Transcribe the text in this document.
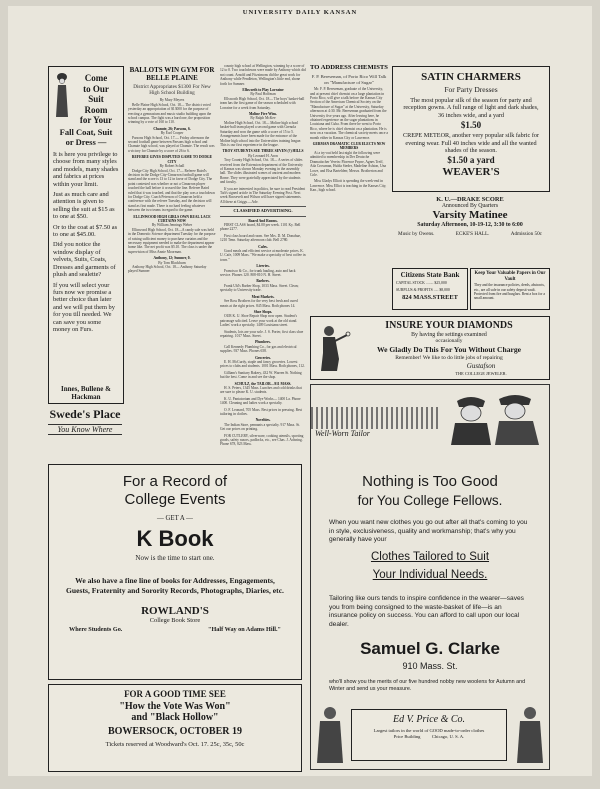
UNIVERSITY DAILY KANSAN
Come
to Our
Suit
Room
for Your
Fall Coat, Suit
or Dress —

It is here you privilege to choose from many styles and models, many shades and fabrics at prices within your limit.

Just as much care and attention is given to selling the suit at $15 as to one at $50.

Or to the coat at $7.50 as to one at $45.00.

Did you notice the window display of velvets, Suits, Coats, Dresses and garments of plush and sealette?

If you will select your furs now we promise a better choice than later and we will put them by for you till needed. We can save you some money on Furs.

Innes, Bullene & Hackman
Swede's Place
You Know Where
BALLOTS WIN GYM FOR BELLE PLAINE
District Appropriates $1300 For New High School Building
By Mary Meyers

Belle Plaine High School, Oct. 18— The district voted yesterday an appropriation of $13000 for the purpose of erecting a gymnasium and music studio building upon the school campus. The fight was a hard one, the proposition winning by a vote of 160 to 110.

Chanute, 26; Parsons, 6.
By Earl Cooper

Parsons High School, Oct. 17.— Friday afternoon the second football game between Parsons high school and Chanute high school, was played at Chanute. The result was a victory for Chanute by a score of 26 to 6.

REFEREE GIVES DISPUTED GAME TO DODGE CITY
By Robert Schall

Dodge City High School, Oct. 17— Referee Baird's decision in the Dodge City-Cimarron football game will stand and the score is 13 to 12 in favor of Dodge City. The point contested was whether or not a Cimarron player touched the ball before it crossed the line. Referee Baird ruled that it was touched, and that the play was a touchdown for Dodge City. Coach Peterson of Cimarron held a conference with the referee Tuesday, and the decision will stand as first made. There is no hard feeling whatever between the two teams in regard to the game.

ELLINWOOD HIGH GIRLS OWN REAL LACE CURTAINS NOW
By William Jennings Weber

Ellinwood High School, Oct. 18—A candy sale was held in the Domestic Science department Tuesday for the purpose of raising sufficient money to purchase curtains and the necessary equipment needed to make the department appear home like. The net profit was $5.10. The class is under the supervision of Miss Annie Moorman.

Anthony, 12; Sumner, 0.
By Tom Blackburn

Anthony High School, Oct. 18— Anthony Saturday played Sumner

county high school at Wellington, winning by a score of 12 to 0. Two touchdowns were made by Anthony which did not count. Arnold and Fitzsimons did the great work for Anthony while Pendleton, Wellington's little end, shone forth for Sumner.

Ellsworth to Play Lorraine
By Paul Hoffman

Ellsworth High School, Oct. 18— The boys' basket-ball team has the first game of the season scheduled with Lorraine for a week from Saturday.

Moline Five Wins.
By Ralph McKee

Moline High School, Oct. 18— Moline high school basket-ball team played a second game with Grenola Saturday and won the game with a score of 15 to 5. Arrangements have been made for the entrance of the Moline high school into the Universities training league. This is our first experience in the league.

TROY STUDENTS SEE THREE SEVEN (?) HILLS
By Leonard H. Aron

Troy County High School, Oct. 18— A series of slides received from the Extension department of the University of Kansas was shown Monday evening in the assembly hall. The slides illustrated scenes of ancient and modern Rome. They were gratefully appreciated by the students and faculty.

If you are interested in politics, be sure to read President Taft's signed article in The Saturday Evening Post. Next week Roosevelt and Wilson will have signed statements. All these at Griggs.—Adv.

CLASSIFIED ADVERTISING.
Board And Rooms.

FIRST CLASS board, $4.00 per week. 1101 Ky. Bell phone 2277.

First class board and room. See Mrs. D. M. Donahue, 1210 Tenn. Saturday afternoon club. Bell 2780.

Cafes.

Good meals and efficient service at moderate prices. K. U. Cafe, 1009 Mass. "We make a specialty of best coffee in town."

Liveries.

Francisco & Co., for trunk hauling, auto and hack service. Phones 120. 808-810 N. H. Street.

Barbers.

Frank Uhl's Barber Shop, 1033 Mass. Street. Clean; specialty to University trade.

Meat Markets.

See Ross Brothers for the very best fresh and cured meats at the right prices. 845 Mass. Both phones 14.

Shoe Shops.

OUR K. U. Shoe Repair Shop now open. Student's patronage solicited. Leave your work at the old stand. Ladies' work a specialty. 1409 Louisiana street.

Students, lots are your sole. J. S. Porter, first class shoe repairing. 1017 Mass. Street.

Plumbers.

Call Kennedy Plumbing Co., for gas and electrical supplies. 937 Mass. Phones 658.

Groceries.

E. H. McCurdy, staple and fancy groceries. Lowest prices to clubs and students. 1001 Mass. Both phones, 112.

Gilliam's Sanitary Bakery, 432 W. Warren St. Nothing but the best. Come in and see the shop.

SCHULZ, the TAILOR—911 MASS.

H. S. Peters, 1345 Mass. Lunches and cold drinks that are sure to please K. U. students.

K. U. Pantatorium and Dye Works— 1400 La. Phone 1400. Cleaning and ladies work a specialty.

O. F. Leonard, 705 Mass. Best prices in pressing. Best tailoring in clothes.

Novelties.

The Indian Store, pennants a specialty. 917 Mass. St. Get our prices on printing.

FOR CUTLERY, silverware, cooking utensils, sporting goods, safety razors, padlocks, etc., see Chas. J. Achning. Phone 678, 823 Mass.

TO ADDRESS CHEMISTS
F. P. Bereseman, of Porto Rico Will Talk on "Manufacture of Sugar"

Mr. F. P. Bereseman, graduate of the University, and at present chief chemist on a large plantation in Porto Rico, will give a talk before the Kansas City Section of the American Chemical Society on the "Manufacture of Sugar" at the University, Saturday afternoon at 4:30. Mr. Bereseman graduated from the University five years ago. After leaving here, he obtained experience on the sugar plantations in Louisiana and Cuba. From there he went to Porto Rico, where he is chief chemist on a plantation. He is now on a vacation. The chemical society meets once a month either in Kansas City or Lawrence.

GERMAN DRAMATIC CLUB ELECTS NEW MEMBERS

At a try-out held last night the following were admitted to membership in Der Deutsche Dramatischer Verein: Florence Payne, Agnes Treff, Ada Crossman, Hulda Steder, Madeline Ashton, Una Lowe, and Elsa Bartelden; Messrs. Brotherton and Cole.

Miss Gladys Elliott is spending the week-end in Lawrence. Miss Elliot is teaching in the Kansas City, Kan., high school.

SATIN CHARMERS
For Party Dresses
The most popular silk of the season for party and reception gowns. A full range of light and dark shades, 36 inches wide, and a yard
$1.50
CREPE METEOR, another very popular silk fabric for evening wear. Full 40 inches wide and all the wanted shades of the season.
$1.50 a yard
WEAVER'S
K. U.—DRAKE SCORE
Announced By Quarters
Varsity Matinee
Saturday Afternoon, 10-19-12, 3:30 to 6:00
Music by Owens.	ECKE'S HALL.	Admission 50c
Citizens State Bank
CAPITAL STOCK ........ $25,000
SURPLUS & PROFITS ..... $8,000
824 MASS.STREET
Keep Your Valuable Papers in Our Vault
They and the insurance policies, deeds, abstracts, etc., are all safe in our safety deposit vault. Protected from fire and burglars. Rent a box for a small amount.
INSURE YOUR DIAMONDS
By having the settings examined
occasionally
We Gladly Do This For You Without Charge
Remember! We like to do little jobs of repairing
Gustafson
THE COLLEGE JEWELER.
Well-Worn Tailor
Nothing is Too Good
for You College Fellows.
When you want new clothes you go out after all that's coming to you in style, exclusiveness, quality and workmanship; that's why you generally have your
Clothes Tailored to Suit
Your Individual Needs.
Tailoring like ours tends to inspire confidence in the wearer—saves you from being consigned to the waste-basket of life—is an insurance policy on success. You can afford to call upon our local dealer.
Samuel G. Clarke
910 Mass. St.
who'll show you the merits of our five hundred nobby new woolens for Autumn and Winter and send us your measure.
Ed V. Price & Co.
Largest tailors in the world of GOOD made-to-order clothes
Price Building          Chicago, U. S. A.
For a Record of
College Events
— GET A —
K Book
Now is the time to start one.
We also have a fine line of books for Addresses, Engagements, Guests, Fraternity and Sorority Records, Photographs, Diaries, etc.
ROWLAND'S
College Book Store
Where Students Go.	"Half Way on Adams Hill."
FOR A GOOD TIME SEE
"How the Vote Was Won"
and "Black Hollow"
BOWERSOCK, OCTOBER 19
Tickets reserved at Woodward's Oct. 17. 25c, 35c, 50c
